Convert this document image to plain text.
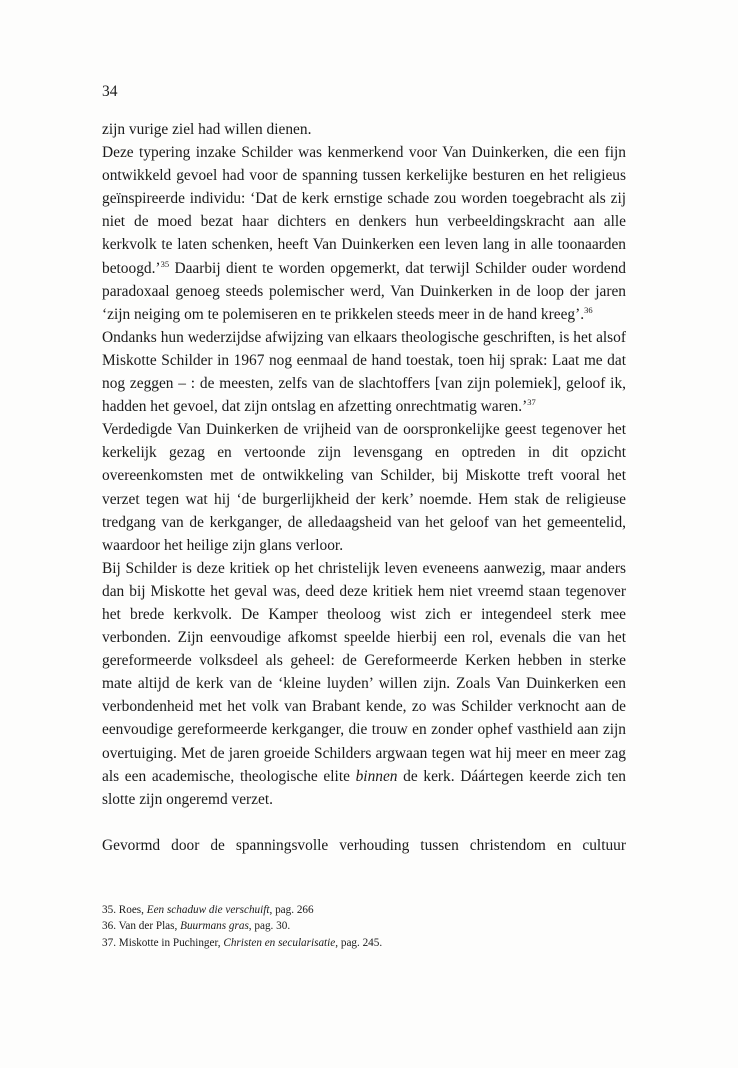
34

zijn vurige ziel had willen dienen.

Deze typering inzake Schilder was kenmerkend voor Van Duinkerken, die een fijn ontwikkeld gevoel had voor de spanning tussen kerkelijke besturen en het religieus geïnspireerde individu: ‘Dat de kerk ernstige schade zou worden toegebracht als zij niet de moed bezat haar dichters en denkers hun verbeeldingskracht aan alle kerkvolk te laten schenken, heeft Van Duinkerken een leven lang in alle toonaarden betoogd.’$^{35}$ Daarbij dient te worden opgemerkt, dat terwijl Schilder ouder wordend paradoxaal genoeg steeds polemischer werd, Van Duinkerken in de loop der jaren ‘zijn neiging om te polemiseren en te prikkelen steeds meer in de hand kreeg’.$^{36}$

Ondanks hun wederzijdse afwijzing van elkaars theologische geschriften, is het alsof Miskotte Schilder in 1967 nog eenmaal de hand toestak, toen hij sprak: Laat me dat nog zeggen – : de meesten, zelfs van de slachtoffers [van zijn polemiek], geloof ik, hadden het gevoel, dat zijn ontslag en afzetting onrechtmatig waren.’$^{37}$

Verdedigde Van Duinkerken de vrijheid van de oorspronkelijke geest tegenover het kerkelijk gezag en vertoonde zijn levensgang en optreden in dit opzicht overeenkomsten met de ontwikkeling van Schilder, bij Miskotte treft vooral het verzet tegen wat hij ‘de burgerlijkheid der kerk’ noemde. Hem stak de religieuse tredgang van de kerkganger, de alledaagsheid van het geloof van het gemeentelid, waardoor het heilige zijn glans verloor.

Bij Schilder is deze kritiek op het christelijk leven eveneens aanwezig, maar anders dan bij Miskotte het geval was, deed deze kritiek hem niet vreemd staan tegenover het brede kerkvolk. De Kamper theoloog wist zich er integendeel sterk mee verbonden. Zijn eenvoudige afkomst speelde hierbij een rol, evenals die van het gereformeerde volksdeel als geheel: de Gereformeerde Kerken hebben in sterke mate altijd de kerk van de ‘kleine luyden’ willen zijn. Zoals Van Duinkerken een verbondenheid met het volk van Brabant kende, zo was Schilder verknocht aan de eenvoudige gereformeerde kerkganger, die trouw en zonder ophef vasthield aan zijn overtuiging. Met de jaren groeide Schilders argwaan tegen wat hij meer en meer zag als een academische, theologische elite binnen de kerk. Dáártegen keerde zich ten slotte zijn ongeremd verzet.

Gevormd door de spanningsvolle verhouding tussen christendom en cultuur

35. Roes, Een schaduw die verschuift, pag. 266

36. Van der Plas, Buurmans gras, pag. 30.

37. Miskotte in Puchinger, Christen en secularisatie, pag. 245.
